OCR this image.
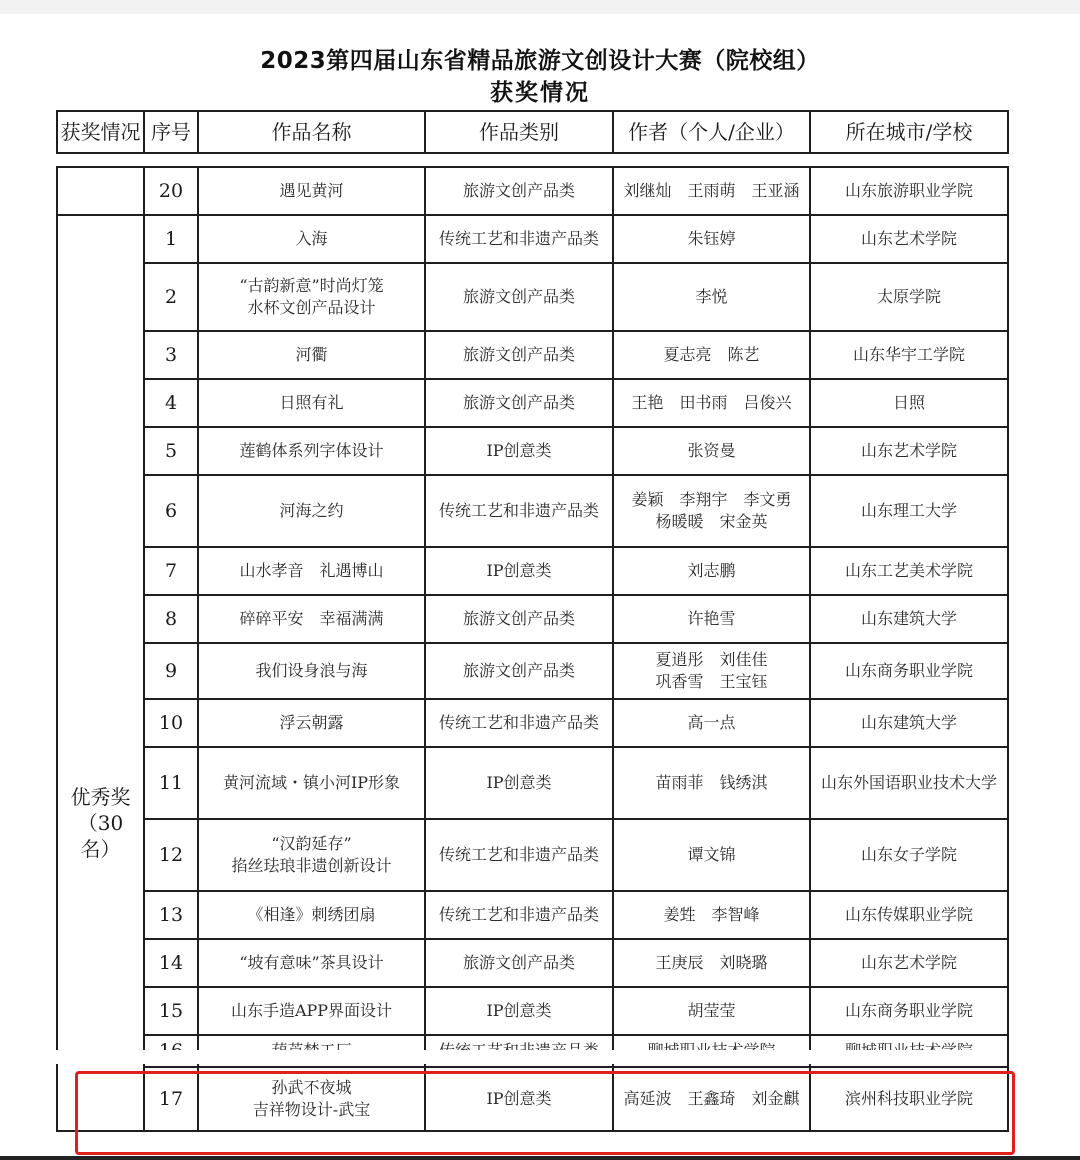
2023第四届山东省精品旅游文创设计大赛（院校组）
获奖情况
获奖情况	序号	作品名称	作品类别	作者（个人/企业）	所在城市/学校
	20	遇见黄河	旅游文创产品类	刘继灿　王雨萌　王亚涵	山东旅游职业学院

优秀奖
（30
名）	1	入海	传统工艺和非遗产品类	朱钰婷	山东艺术学院
	2	“古韵新意”时尚灯笼
水杯文创产品设计	旅游文创产品类	李悦	太原学院
	3	河衢	旅游文创产品类	夏志亮　陈艺	山东华宇工学院
	4	日照有礼	旅游文创产品类	王艳　田书雨　吕俊兴	日照
	5	莲鹤体系列字体设计	IP创意类	张资曼	山东艺术学院
	6	河海之约	传统工艺和非遗产品类	姜颖　李翔宇　李文勇
杨暖暖　宋金英	山东理工大学
	7	山水孝音　礼遇博山	IP创意类	刘志鹏	山东工艺美术学院
	8	碎碎平安　幸福满满	旅游文创产品类	许艳雪	山东建筑大学
	9	我们设身浪与海	旅游文创产品类	夏逍彤　刘佳佳
巩香雪　王宝钰	山东商务职业学院
	10	浮云朝露	传统工艺和非遗产品类	高一点	山东建筑大学
	11	黄河流域・镇小河IP形象	IP创意类	苗雨菲　钱绣淇	山东外国语职业技术大学
	12	“汉韵延存”
掐丝珐琅非遗创新设计	传统工艺和非遗产品类	谭文锦	山东女子学院
	13	《相逢》刺绣团扇	传统工艺和非遗产品类	姜甡　李智峰	山东传媒职业学院
	14	“坡有意味”茶具设计	旅游文创产品类	王庚辰　刘晓璐	山东艺术学院
	15	山东手造APP界面设计	IP创意类	胡莹莹	山东商务职业学院

	17	孙武不夜城
吉祥物设计-武宝	IP创意类	高延波　王鑫琦　刘金麒	滨州科技职业学院
